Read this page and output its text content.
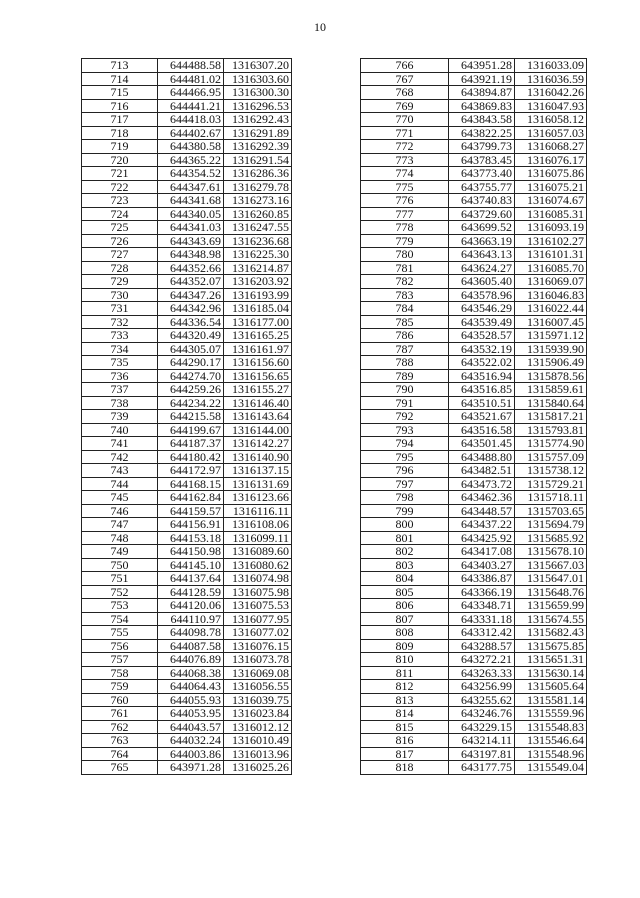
10
713	644488.58	1316307.20
714	644481.02	1316303.60
715	644466.95	1316300.30
716	644441.21	1316296.53
717	644418.03	1316292.43
718	644402.67	1316291.89
719	644380.58	1316292.39
720	644365.22	1316291.54
721	644354.52	1316286.36
722	644347.61	1316279.78
723	644341.68	1316273.16
724	644340.05	1316260.85
725	644341.03	1316247.55
726	644343.69	1316236.68
727	644348.98	1316225.30
728	644352.66	1316214.87
729	644352.07	1316203.92
730	644347.26	1316193.99
731	644342.96	1316185.04
732	644336.54	1316177.00
733	644320.49	1316165.25
734	644305.07	1316161.97
735	644290.17	1316156.60
736	644274.70	1316156.65
737	644259.26	1316155.27
738	644234.22	1316146.40
739	644215.58	1316143.64
740	644199.67	1316144.00
741	644187.37	1316142.27
742	644180.42	1316140.90
743	644172.97	1316137.15
744	644168.15	1316131.69
745	644162.84	1316123.66
746	644159.57	1316116.11
747	644156.91	1316108.06
748	644153.18	1316099.11
749	644150.98	1316089.60
750	644145.10	1316080.62
751	644137.64	1316074.98
752	644128.59	1316075.98
753	644120.06	1316075.53
754	644110.97	1316077.95
755	644098.78	1316077.02
756	644087.58	1316076.15
757	644076.89	1316073.78
758	644068.38	1316069.08
759	644064.43	1316056.55
760	644055.93	1316039.75
761	644053.95	1316023.84
762	644043.57	1316012.12
763	644032.24	1316010.49
764	644003.86	1316013.96
765	643971.28	1316025.26
766	643951.28	1316033.09
767	643921.19	1316036.59
768	643894.87	1316042.26
769	643869.83	1316047.93
770	643843.58	1316058.12
771	643822.25	1316057.03
772	643799.73	1316068.27
773	643783.45	1316076.17
774	643773.40	1316075.86
775	643755.77	1316075.21
776	643740.83	1316074.67
777	643729.60	1316085.31
778	643699.52	1316093.19
779	643663.19	1316102.27
780	643643.13	1316101.31
781	643624.27	1316085.70
782	643605.40	1316069.07
783	643578.96	1316046.83
784	643546.29	1316022.44
785	643539.49	1316007.45
786	643528.57	1315971.12
787	643532.19	1315939.90
788	643522.02	1315906.49
789	643516.94	1315878.56
790	643516.85	1315859.61
791	643510.51	1315840.64
792	643521.67	1315817.21
793	643516.58	1315793.81
794	643501.45	1315774.90
795	643488.80	1315757.09
796	643482.51	1315738.12
797	643473.72	1315729.21
798	643462.36	1315718.11
799	643448.57	1315703.65
800	643437.22	1315694.79
801	643425.92	1315685.92
802	643417.08	1315678.10
803	643403.27	1315667.03
804	643386.87	1315647.01
805	643366.19	1315648.76
806	643348.71	1315659.99
807	643331.18	1315674.55
808	643312.42	1315682.43
809	643288.57	1315675.85
810	643272.21	1315651.31
811	643263.33	1315630.14
812	643256.99	1315605.64
813	643255.62	1315581.14
814	643246.76	1315559.96
815	643229.15	1315548.83
816	643214.11	1315546.64
817	643197.81	1315548.96
818	643177.75	1315549.04
